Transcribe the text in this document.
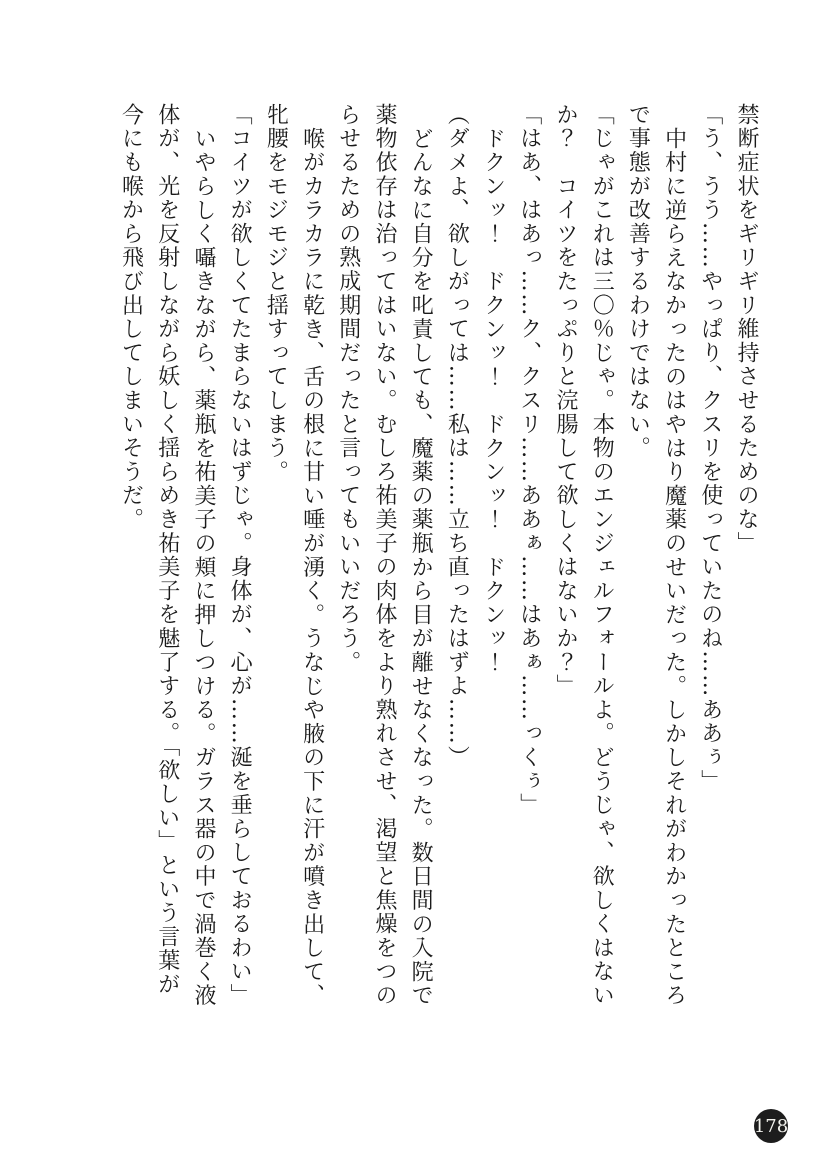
禁断症状をギリギリ維持させるためのな」

「う、うう……やっぱり、クスリを使っていたのね……ああぅ」

中村に逆らえなかったのはやはり魔薬のせいだった。しかしそれがわかったところ

で事態が改善するわけではない。

「じゃがこれは三〇％じゃ。本物のエンジェルフォールよ。どうじゃ、欲しくはない

か？　コイツをたっぷりと浣腸して欲しくはないか？」

「はあ、はあっ……ク、クスリ……ああぁ……はあぁ……っくぅ」

ドクンッ！　ドクンッ！　ドクンッ！　ドクンッ！

（ダメよ、欲しがっては……私は……立ち直ったはずよ……）

どんなに自分を叱責しても、魔薬の薬瓶から目が離せなくなった。数日間の入院で

薬物依存は治ってはいない。むしろ祐美子の肉体をより熟れさせ、渇望と焦燥をつの

らせるための熟成期間だったと言ってもいいだろう。

喉がカラカラに乾き、舌の根に甘い唾が湧く。うなじや腋の下に汗が噴き出して、

牝腰をモジモジと揺すってしまう。

「コイツが欲しくてたまらないはずじゃ。身体が、心が……涎を垂らしておるわい」

いやらしく囁きながら、薬瓶を祐美子の頬に押しつける。ガラス器の中で渦巻く液

体が、光を反射しながら妖しく揺らめき祐美子を魅了する。「欲しい」という言葉が

今にも喉から飛び出してしまいそうだ。

178
